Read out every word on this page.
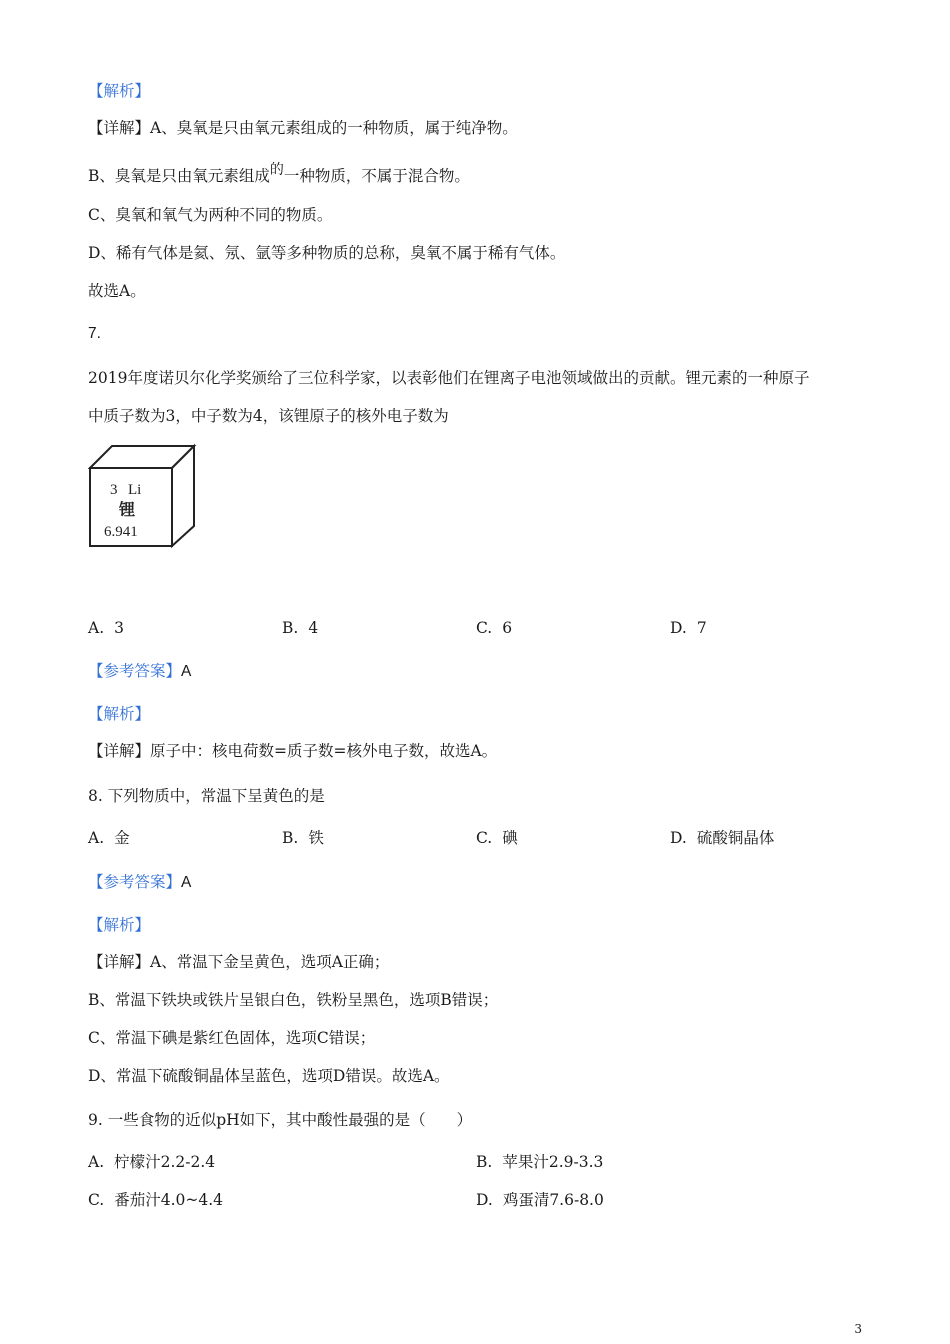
【解析】
【详解】A、臭氧是只由氧元素组成的一种物质，属于纯净物。
B、臭氧是只由氧元素组成的一种物质，不属于混合物。
C、臭氧和氧气为两种不同的物质。
D、稀有气体是氦、氖、氩等多种物质的总称，臭氧不属于稀有气体。
故选A。
7.
2019年度诺贝尔化学奖颁给了三位科学家，以表彰他们在锂离子电池领域做出的贡献。锂元素的一种原子
中质子数为3，中子数为4，该锂原子的核外电子数为
3 Li
锂
6.941
A. 3	B. 4	C. 6	D. 7
【参考答案】A
【解析】
【详解】原子中：核电荷数=质子数=核外电子数，故选A。
8. 下列物质中，常温下呈黄色的是
A. 金	B. 铁	C. 碘	D. 硫酸铜晶体
【参考答案】A
【解析】
【详解】A、常温下金呈黄色，选项A正确；
B、常温下铁块或铁片呈银白色，铁粉呈黑色，选项B错误；
C、常温下碘是紫红色固体，选项C错误；
D、常温下硫酸铜晶体呈蓝色，选项D错误。故选A。
9. 一些食物的近似pH如下，其中酸性最强的是（　　）
A. 柠檬汁2.2-2.4	B. 苹果汁2.9-3.3
C. 番茄汁4.0~4.4	D. 鸡蛋清7.6-8.0
3
